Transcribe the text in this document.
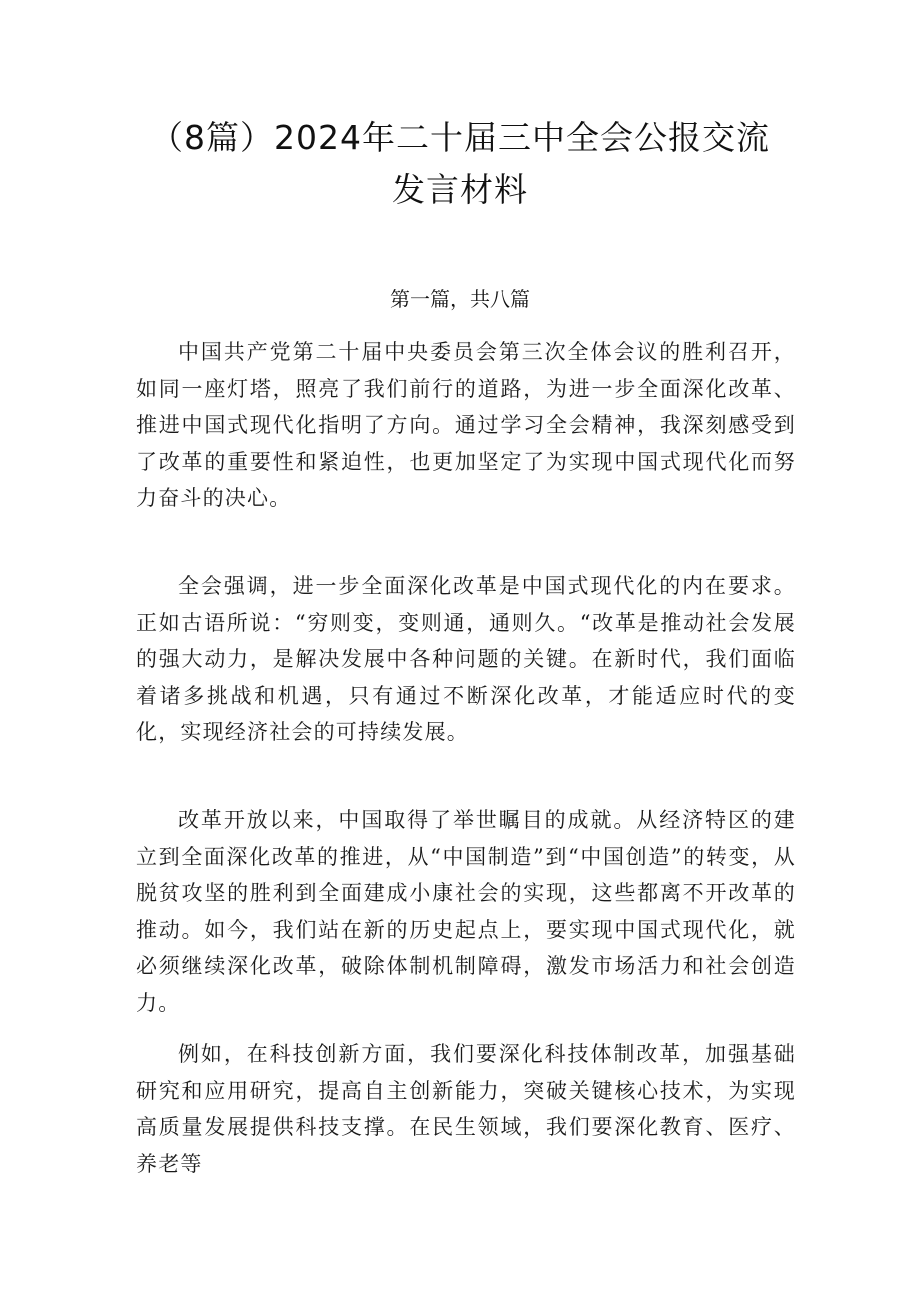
（8篇）2024年二十届三中全会公报交流
发言材料

第一篇，共八篇

中国共产党第二十届中央委员会第三次全体会议的胜利召开，如同一座灯塔，照亮了我们前行的道路，为进一步全面深化改革、推进中国式现代化指明了方向。通过学习全会精神，我深刻感受到了改革的重要性和紧迫性，也更加坚定了为实现中国式现代化而努力奋斗的决心。

全会强调，进一步全面深化改革是中国式现代化的内在要求。正如古语所说：“穷则变，变则通，通则久。“改革是推动社会发展的强大动力，是解决发展中各种问题的关键。在新时代，我们面临着诸多挑战和机遇，只有通过不断深化改革，才能适应时代的变化，实现经济社会的可持续发展。

改革开放以来，中国取得了举世瞩目的成就。从经济特区的建立到全面深化改革的推进，从“中国制造”到“中国创造”的转变，从脱贫攻坚的胜利到全面建成小康社会的实现，这些都离不开改革的推动。如今，我们站在新的历史起点上，要实现中国式现代化，就必须继续深化改革，破除体制机制障碍，激发市场活力和社会创造力。

例如，在科技创新方面，我们要深化科技体制改革，加强基础研究和应用研究，提高自主创新能力，突破关键核心技术，为实现高质量发展提供科技支撑。在民生领域，我们要深化教育、医疗、养老等
